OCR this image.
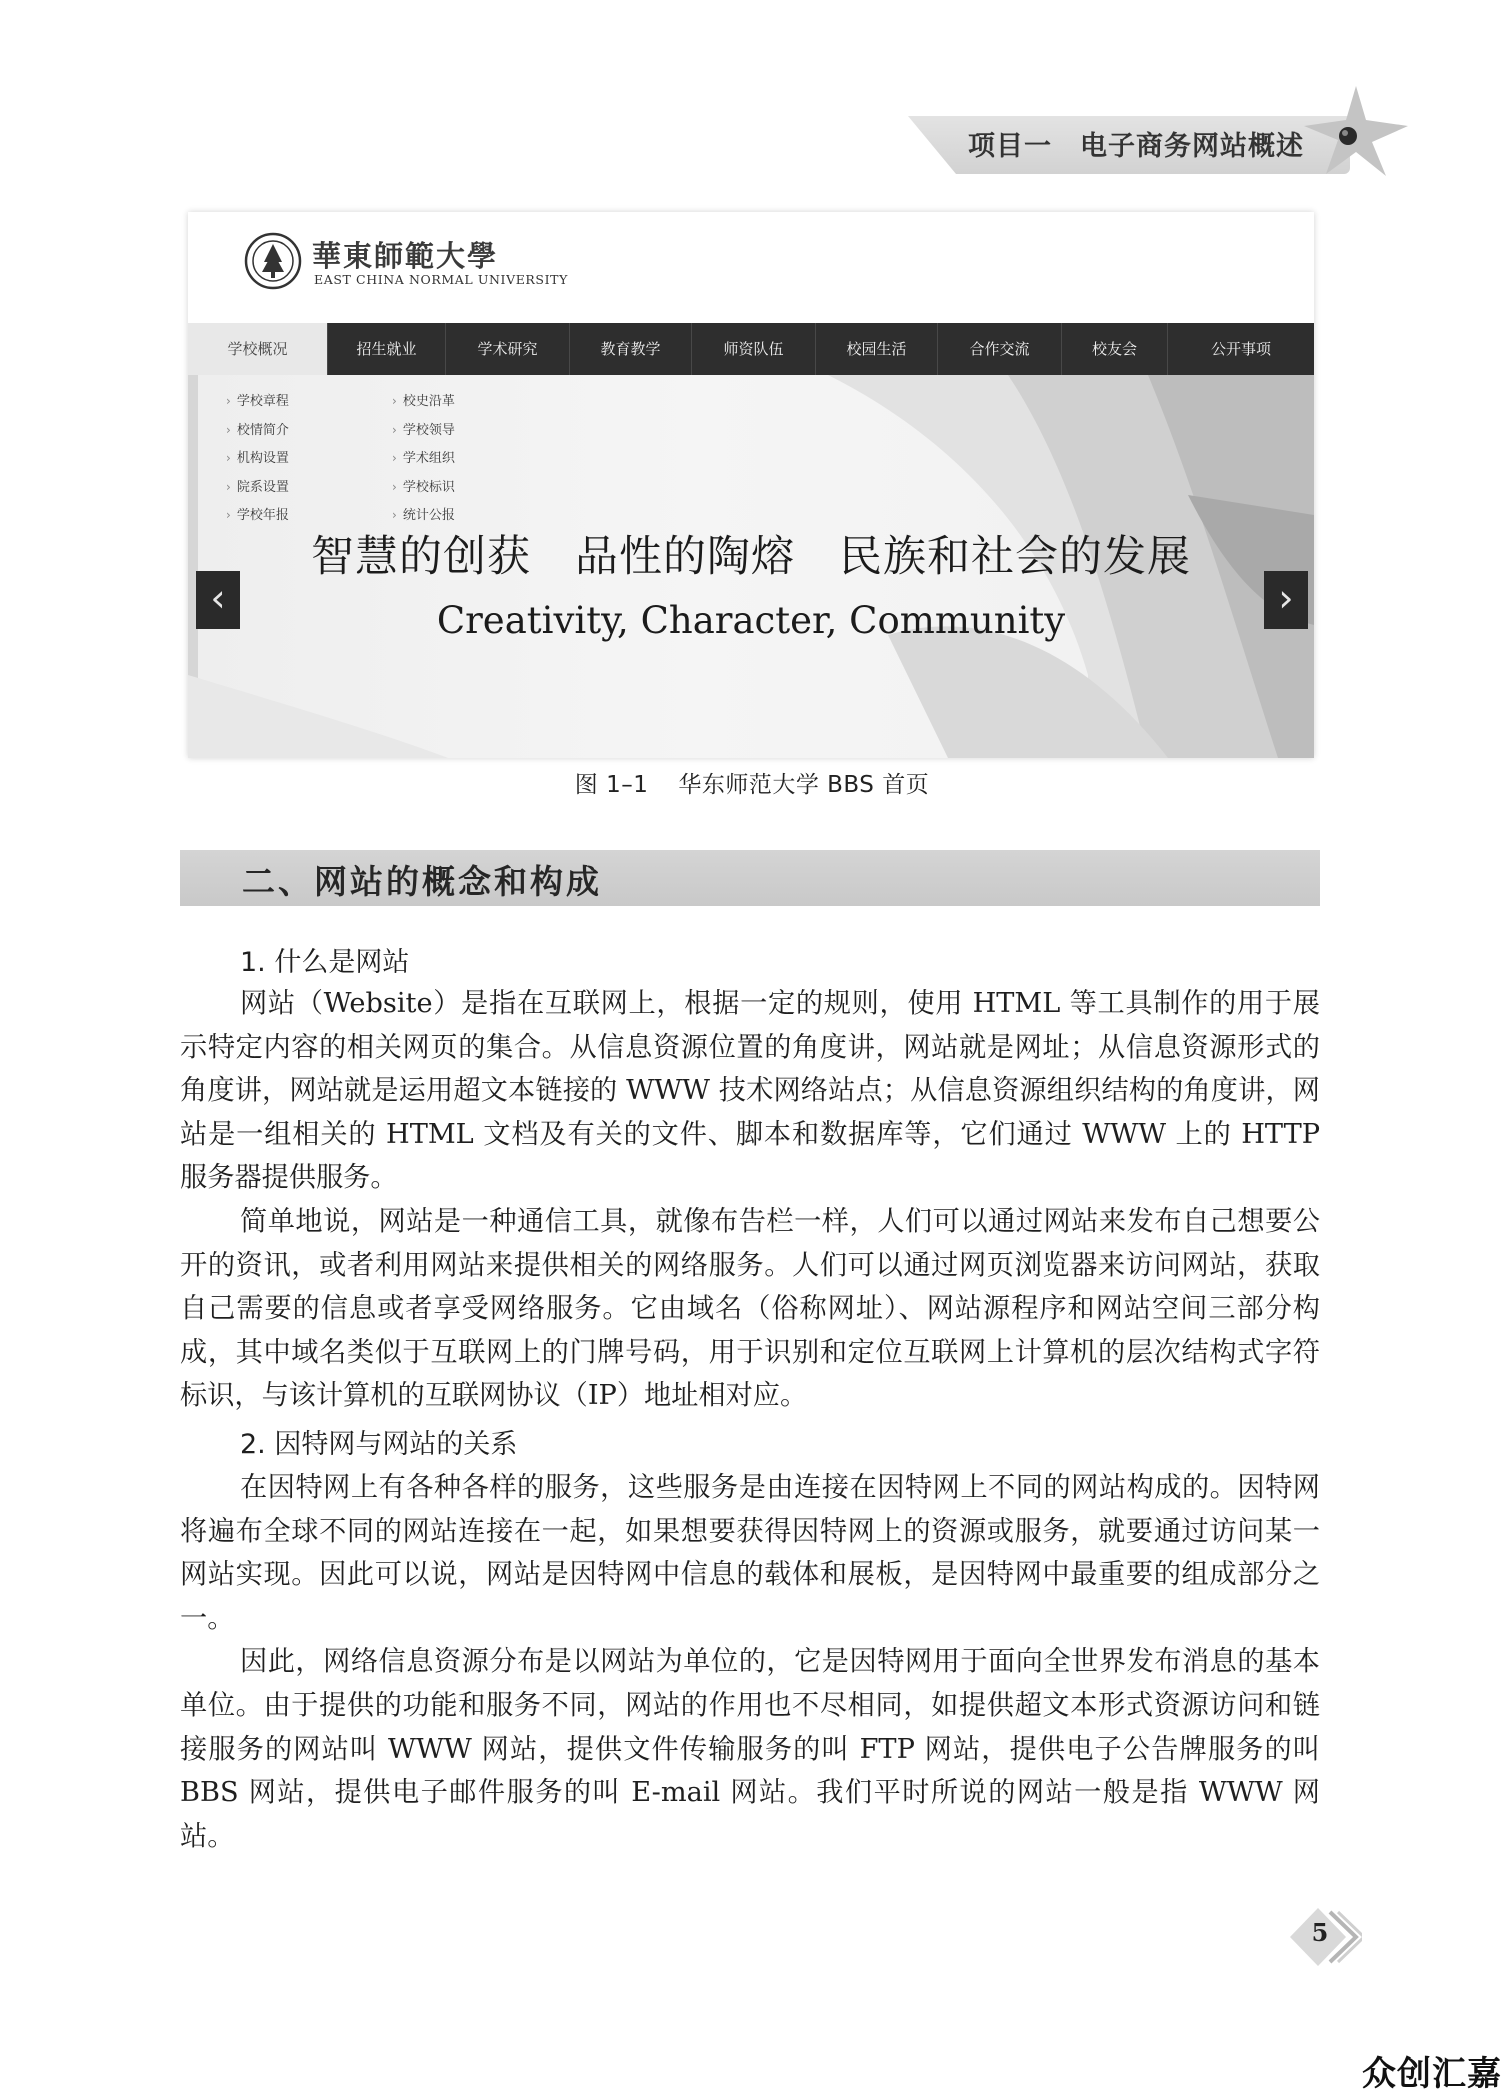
项目一　电子商务网站概述
華東師範大學
EAST CHINA NORMAL UNIVERSITY
学校概况	招生就业	学术研究	教育教学	师资队伍	校园生活	合作交流	校友会	公开事项
› 学校章程
› 校情简介
› 机构设置
› 院系设置
› 学校年报
› 校史沿革
› 学校领导
› 学术组织
› 学校标识
› 统计公报
智慧的创获　品性的陶熔　民族和社会的发展
Creativity, Character, Community
‹	›
图 1–1 华东师范大学 BBS 首页
二、网站的概念和构成
1. 什么是网站

网站（Website）是指在互联网上，根据一定的规则，使用 HTML 等工具制作的用于展示特定内容的相关网页的集合。从信息资源位置的角度讲，网站就是网址；从信息资源形式的角度讲，网站就是运用超文本链接的 WWW 技术网络站点；从信息资源组织结构的角度讲，网站是一组相关的 HTML 文档及有关的文件、脚本和数据库等，它们通过 WWW 上的 HTTP 服务器提供服务。

简单地说，网站是一种通信工具，就像布告栏一样，人们可以通过网站来发布自己想要公开的资讯，或者利用网站来提供相关的网络服务。人们可以通过网页浏览器来访问网站，获取自己需要的信息或者享受网络服务。它由域名（俗称网址）、网站源程序和网站空间三部分构成，其中域名类似于互联网上的门牌号码，用于识别和定位互联网上计算机的层次结构式字符标识，与该计算机的互联网协议（IP）地址相对应。

2. 因特网与网站的关系

在因特网上有各种各样的服务，这些服务是由连接在因特网上不同的网站构成的。因特网将遍布全球不同的网站连接在一起，如果想要获得因特网上的资源或服务，就要通过访问某一网站实现。因此可以说，网站是因特网中信息的载体和展板，是因特网中最重要的组成部分之一。

因此，网络信息资源分布是以网站为单位的，它是因特网用于面向全世界发布消息的基本单位。由于提供的功能和服务不同，网站的作用也不尽相同，如提供超文本形式资源访问和链接服务的网站叫 WWW 网站，提供文件传输服务的叫 FTP 网站，提供电子公告牌服务的叫 BBS 网站，提供电子邮件服务的叫 E-mail 网站。我们平时所说的网站一般是指 WWW 网站。

5
众创汇嘉
